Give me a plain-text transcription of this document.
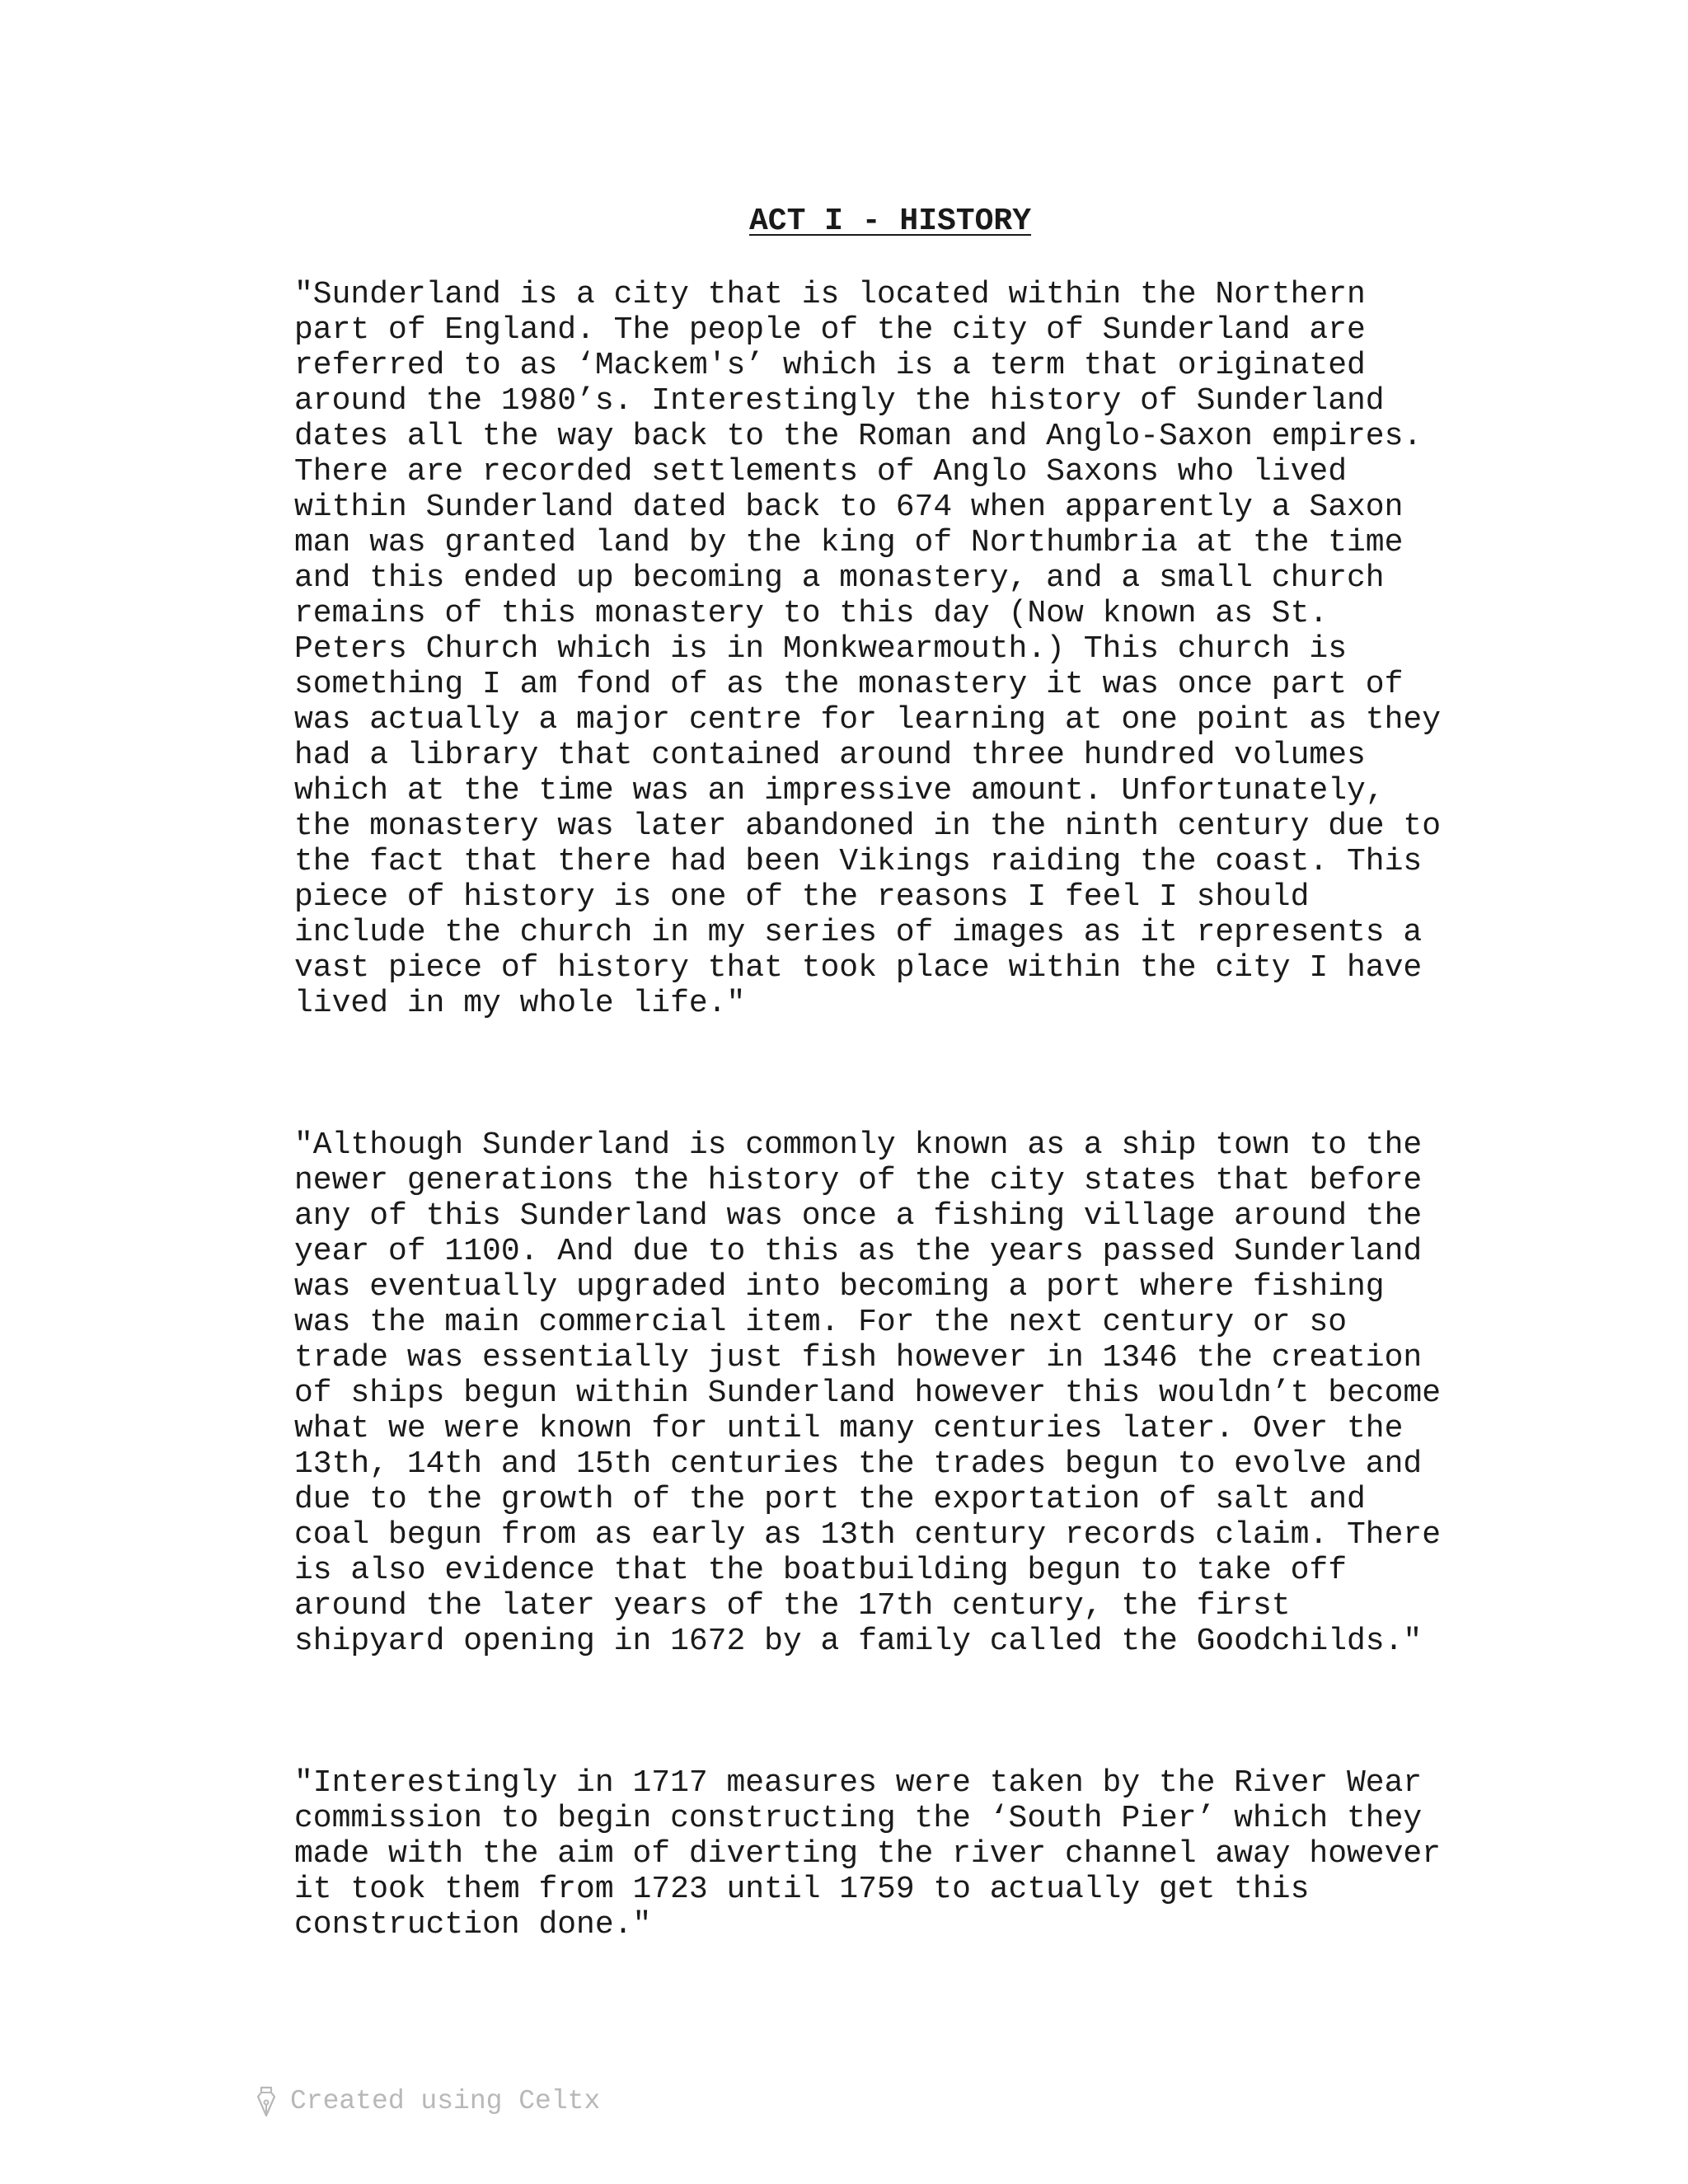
ACT I - HISTORY

"Sunderland is a city that is located within the Northern
part of England. The people of the city of Sunderland are
referred to as ‘Mackem's’ which is a term that originated
around the 1980’s. Interestingly the history of Sunderland
dates all the way back to the Roman and Anglo-Saxon empires.
There are recorded settlements of Anglo Saxons who lived
within Sunderland dated back to 674 when apparently a Saxon
man was granted land by the king of Northumbria at the time
and this ended up becoming a monastery, and a small church
remains of this monastery to this day (Now known as St.
Peters Church which is in Monkwearmouth.) This church is
something I am fond of as the monastery it was once part of
was actually a major centre for learning at one point as they
had a library that contained around three hundred volumes
which at the time was an impressive amount. Unfortunately,
the monastery was later abandoned in the ninth century due to
the fact that there had been Vikings raiding the coast. This
piece of history is one of the reasons I feel I should
include the church in my series of images as it represents a
vast piece of history that took place within the city I have
lived in my whole life."

"Although Sunderland is commonly known as a ship town to the
newer generations the history of the city states that before
any of this Sunderland was once a fishing village around the
year of 1100. And due to this as the years passed Sunderland
was eventually upgraded into becoming a port where fishing
was the main commercial item. For the next century or so
trade was essentially just fish however in 1346 the creation
of ships begun within Sunderland however this wouldn’t become
what we were known for until many centuries later. Over the
13th, 14th and 15th centuries the trades begun to evolve and
due to the growth of the port the exportation of salt and
coal begun from as early as 13th century records claim. There
is also evidence that the boatbuilding begun to take off
around the later years of the 17th century, the first
shipyard opening in 1672 by a family called the Goodchilds."

"Interestingly in 1717 measures were taken by the River Wear
commission to begin constructing the ‘South Pier’ which they
made with the aim of diverting the river channel away however
it took them from 1723 until 1759 to actually get this
construction done."

Created using Celtx
